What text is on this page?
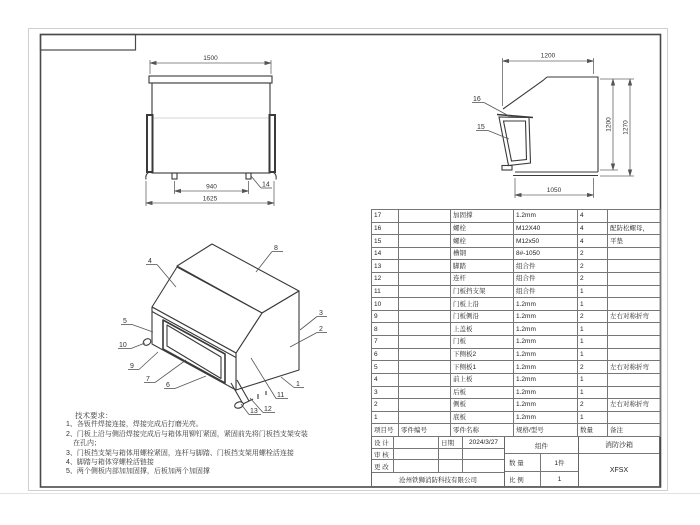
1500
940
1625
14
1200
1200 1270
1050
16
15
4
8
5
10
9
7
6
13 12
11
1
2
3
17		加固撑	1.2mm	4	
16		螺栓	M12X40	4	配防松螺母，
15		螺栓	M12x50	4	平垫
14		槽钢	8#-1050	2	
13		脚踏	组合件	2	
12		连杆	组合件	2	
11		门板挡支架	组合件	1	
10		门板上沿	1.2mm	1	
9		门板侧沿	1.2mm	2	左右对称折弯
8		上盖板	1.2mm	1	
7		门板	1.2mm	1	
6		下侧板2	1.2mm	1	
5		下侧板1	1.2mm	2	左右对称折弯
4		前上板	1.2mm	1	
3		后板	1.2mm	1	
2		侧板	1.2mm	2	左右对称折弯
1		底板	1.2mm	1	
项目号	零件编号	零件名称	规格/型号	数量	备注
设 计	日期	2024/3/27
审 核
更 改
沧州铁狮消防科技有限公司
组件
数 量	1件
比 例	1
消防沙箱
XFSX
技术要求：
1、各钣件焊接连接，焊接完成后打磨光亮。
2、门板上沿与侧沿焊接完成后与箱体用铆钉紧固，紧固前先将门板挡支架安装
在孔内；
3、门板挡支架与箱体用螺栓紧固，连杆与脚踏、门板挡支架用螺栓活连接
4、脚踏与箱体穿螺栓活链接
5、两个侧板内部加加固撑，后板加两个加固撑
